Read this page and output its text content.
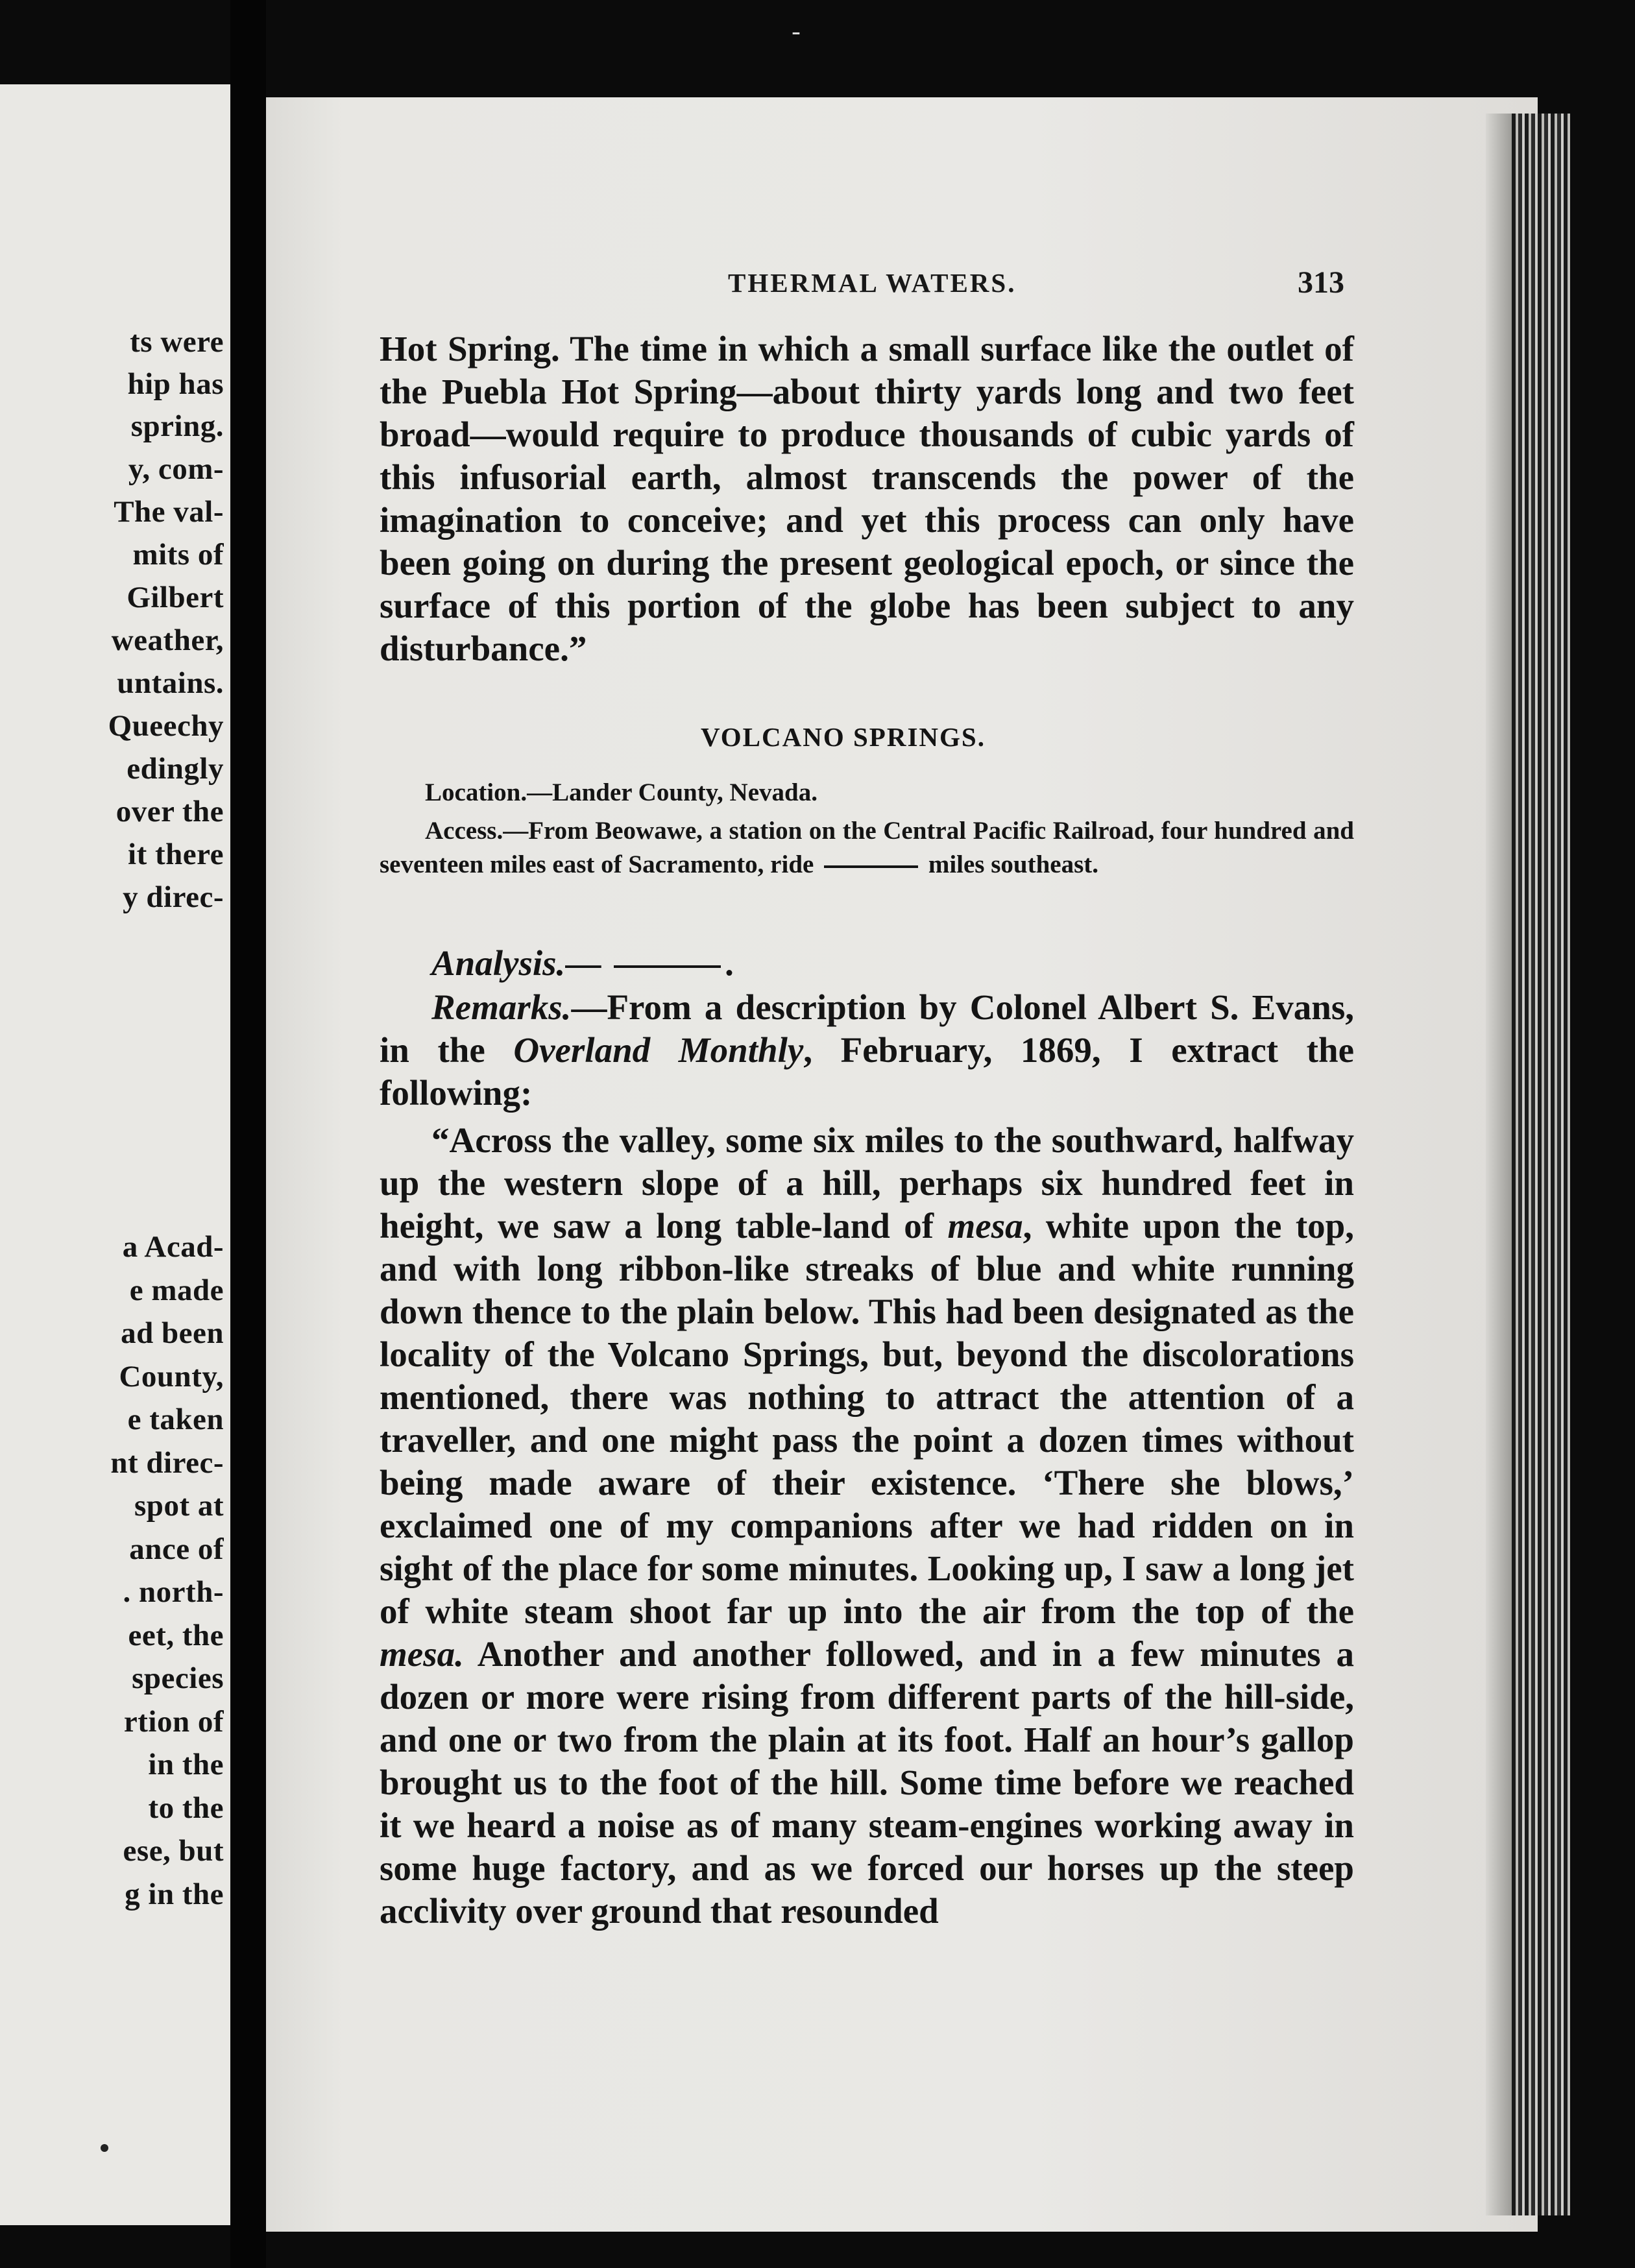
ـ

ts were

hip has

spring.

y, com-

The val-

mits of

Gilbert

weather,

untains.

Queechy

edingly

over the

it there

y direc-

a Acad-

e made

ad been

County,

e taken

nt direc-

spot at

ance of

. north-

eet, the

species

rtion of

in the

to the

ese, but

g in the

THERMAL WATERS.	313

Hot Spring. The time in which a small surface like the outlet of the Puebla Hot Spring—about thirty yards long and two feet broad—would require to produce thousands of cubic yards of this infusorial earth, almost transcends the power of the imagination to conceive; and yet this process can only have been going on during the present geological epoch, or since the surface of this portion of the globe has been subject to any disturbance.”

VOLCANO SPRINGS.
Location.—Lander County, Nevada.

Access.—From Beowawe, a station on the Central Pacific Railroad, four hundred and seventeen miles east of Sacramento, ride	miles southeast.

Analysis.—	.

Remarks.—From a description by Colonel Albert S. Evans, in the Overland Monthly, February, 1869, I extract the following:

“Across the valley, some six miles to the southward, halfway up the western slope of a hill, perhaps six hundred feet in height, we saw a long table-land of mesa, white upon the top, and with long ribbon-like streaks of blue and white running down thence to the plain below. This had been designated as the locality of the Volcano Springs, but, beyond the discolorations mentioned, there was nothing to attract the attention of a traveller, and one might pass the point a dozen times without being made aware of their existence. ‘There she blows,’ exclaimed one of my companions after we had ridden on in sight of the place for some minutes. Looking up, I saw a long jet of white steam shoot far up into the air from the top of the mesa. Another and another followed, and in a few minutes a dozen or more were rising from different parts of the hill-side, and one or two from the plain at its foot. Half an hour’s gallop brought us to the foot of the hill. Some time before we reached it we heard a noise as of many steam-engines working away in some huge factory, and as we forced our horses up the steep acclivity over ground that resounded
